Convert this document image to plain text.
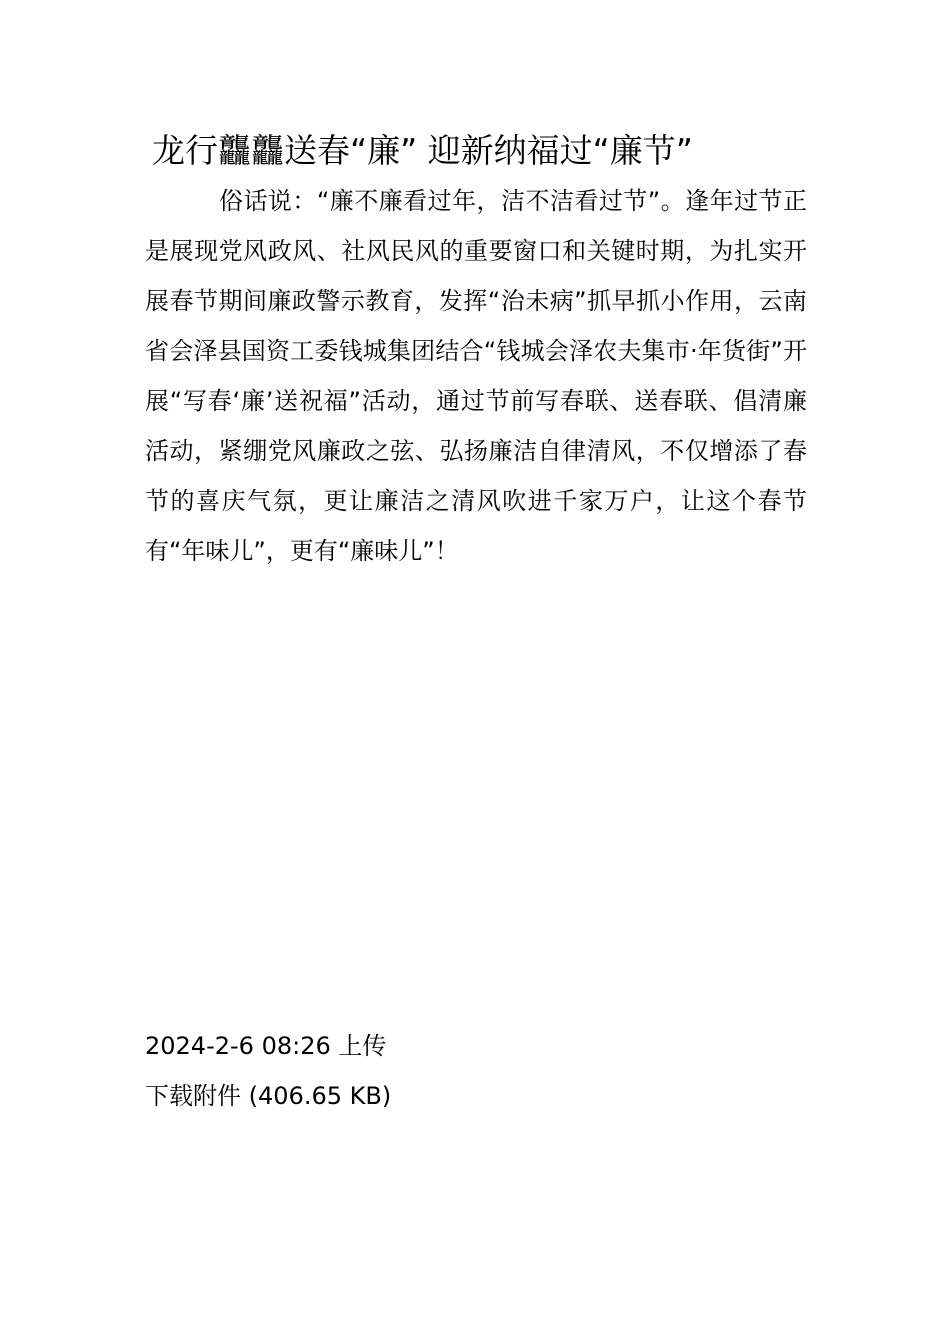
龙行龘龘送春“廉” 迎新纳福过“廉节”

俗话说：“廉不廉看过年，洁不洁看过节”。逢年过节正是展现党风政风、社风民风的重要窗口和关键时期，为扎实开展春节期间廉政警示教育，发挥“治未病”抓早抓小作用，云南省会泽县国资工委钱城集团结合“钱城会泽农夫集市·年货街”开展“写春‘廉’送祝福”活动，通过节前写春联、送春联、倡清廉活动，紧绷党风廉政之弦、弘扬廉洁自律清风，不仅增添了春节的喜庆气氛，更让廉洁之清风吹进千家万户，让这个春节有“年味儿”，更有“廉味儿”！

2024-2-6 08:26 上传
下载附件 (406.65 KB)
